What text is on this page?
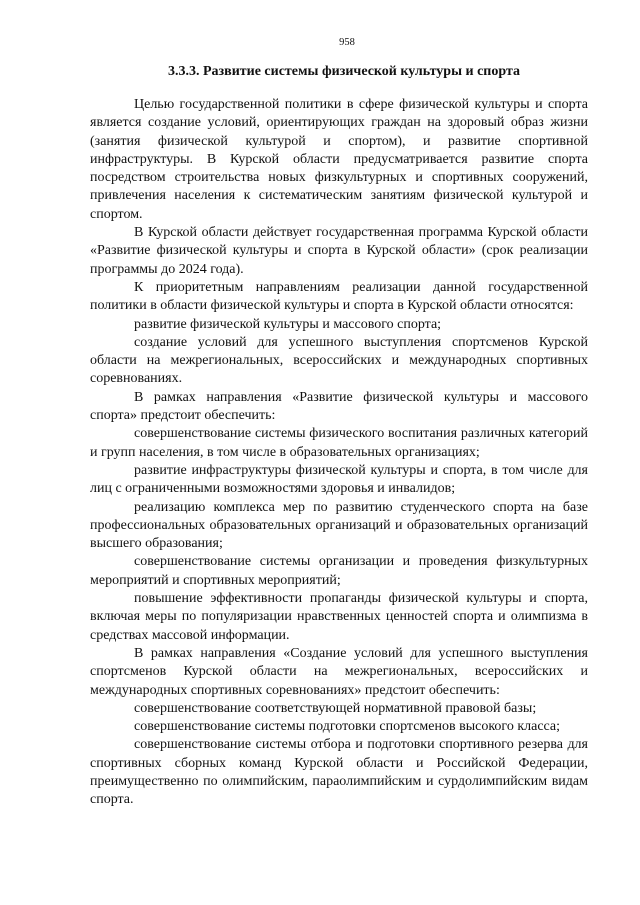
958
3.3.3. Развитие системы физической культуры и спорта

Целью государственной политики в сфере физической культуры и спорта является создание условий, ориентирующих граждан на здоровый образ жизни (занятия физической культурой и спортом), и развитие спортивной инфраструктуры. В Курской области предусматривается развитие спорта посредством строительства новых физкультурных и спортивных сооружений, привлечения населения к систематическим занятиям физической культурой и спортом.

В Курской области действует государственная программа Курской области «Развитие физической культуры и спорта в Курской области» (срок реализации программы до 2024 года).

К приоритетным направлениям реализации данной государственной политики в области физической культуры и спорта в Курской области относятся:

развитие физической культуры и массового спорта;

создание условий для успешного выступления спортсменов Курской области на межрегиональных, всероссийских и международных спортивных соревнованиях.

В рамках направления «Развитие физической культуры и массового спорта» предстоит обеспечить:

совершенствование системы физического воспитания различных категорий и групп населения, в том числе в образовательных организациях;

развитие инфраструктуры физической культуры и спорта, в том числе для лиц с ограниченными возможностями здоровья и инвалидов;

реализацию комплекса мер по развитию студенческого спорта на базе профессиональных образовательных организаций и образовательных организаций высшего образования;

совершенствование системы организации и проведения физкультурных мероприятий и спортивных мероприятий;

повышение эффективности пропаганды физической культуры и спорта, включая меры по популяризации нравственных ценностей спорта и олимпизма в средствах массовой информации.

В рамках направления «Создание условий для успешного выступления спортсменов Курской области на межрегиональных, всероссийских и международных спортивных соревнованиях» предстоит обеспечить:

совершенствование соответствующей нормативной правовой базы;

совершенствование системы подготовки спортсменов высокого класса;

совершенствование системы отбора и подготовки спортивного резерва для спортивных сборных команд Курской области и Российской Федерации, преимущественно по олимпийским, параолимпийским и сурдолимпийским видам спорта.
